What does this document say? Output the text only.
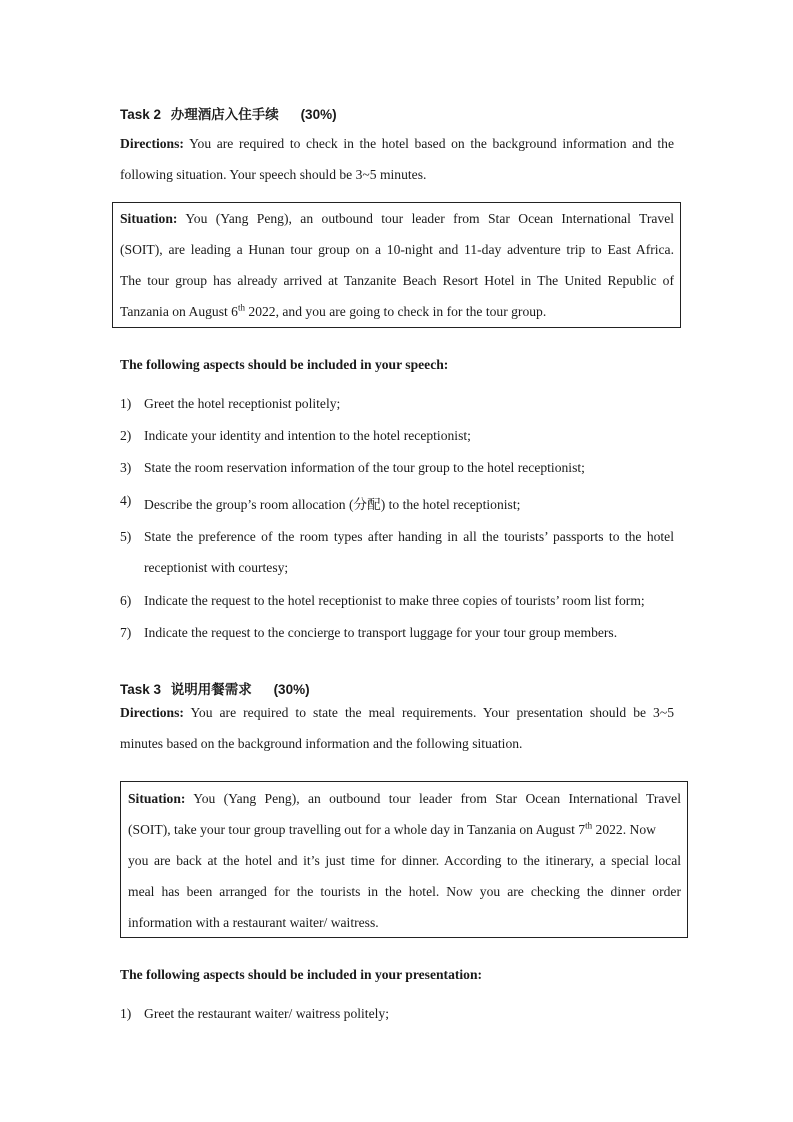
Task 2 办理酒店入住手续 (30%)
Directions: You are required to check in the hotel based on the background information and the
following situation. Your speech should be 3~5 minutes.
Situation: You (Yang Peng), an outbound tour leader from Star Ocean International Travel
(SOIT), are leading a Hunan tour group on a 10-night and 11-day adventure trip to East Africa.
The tour group has already arrived at Tanzanite Beach Resort Hotel in The United Republic of
Tanzania on August 6th 2022, and you are going to check in for the tour group.
The following aspects should be included in your speech:
1) Greet the hotel receptionist politely;
2) Indicate your identity and intention to the hotel receptionist;
3) State the room reservation information of the tour group to the hotel receptionist;
4) Describe the group’s room allocation (分配) to the hotel receptionist;
5) State the preference of the room types after handing in all the tourists’ passports to the hotel
receptionist with courtesy;
6) Indicate the request to the hotel receptionist to make three copies of tourists’ room list form;
7) Indicate the request to the concierge to transport luggage for your tour group members.
Task 3 说明用餐需求 (30%)
Directions: You are required to state the meal requirements. Your presentation should be 3~5
minutes based on the background information and the following situation.
Situation: You (Yang Peng), an outbound tour leader from Star Ocean International Travel
(SOIT), take your tour group travelling out for a whole day in Tanzania on August 7th 2022. Now
you are back at the hotel and it’s just time for dinner. According to the itinerary, a special local
meal has been arranged for the tourists in the hotel. Now you are checking the dinner order
information with a restaurant waiter/ waitress.
The following aspects should be included in your presentation:
1) Greet the restaurant waiter/ waitress politely;
